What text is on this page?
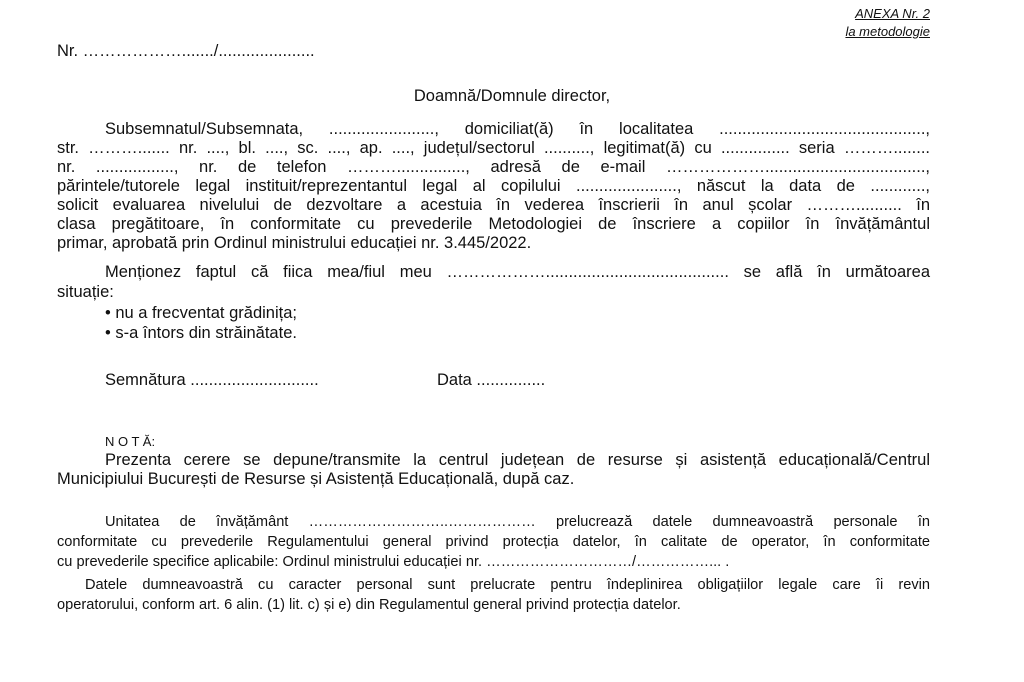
ANEXA Nr. 2
la metodologie
Nr. ………………......./.....................
Doamnă/Domnule director,
Subsemnatul/Subsemnata, ......................., domiciliat(ă) în localitatea .............................................,
str. ………....... nr. ...., bl. ...., sc. ...., ap. ...., județul/sectorul .........., legitimat(ă) cu ............... seria ………........
nr. ................., nr. de telefon ………..............., adresă de e-mail ………………...................................,
părintele/tutorele legal instituit/reprezentantul legal al copilului ......................, născut la data de ............,
solicit evaluarea nivelului de dezvoltare a acestuia în vederea înscrierii în anul școlar ……….......... în
clasa pregătitoare, în conformitate cu prevederile Metodologiei de înscriere a copiilor în învățământul
primar, aprobată prin Ordinul ministrului educației nr. 3.445/2022.
Menționez faptul că fiica mea/fiul meu ………………........................................ se află în următoarea
situație:
• nu a frecventat grădinița;
• s-a întors din străinătate.
Semnătura ............................	Data ...............
N O T Ă:
Prezenta cerere se depune/transmite la centrul județean de resurse și asistență educațională/Centrul
Municipiului București de Resurse și Asistență Educațională, după caz.
Unitatea de învățământ ………………………..……………… prelucrează datele dumneavoastră personale în
conformitate cu prevederile Regulamentului general privind protecția datelor, în calitate de operator, în conformitate
cu prevederile specifice aplicabile: Ordinul ministrului educației nr. …………………………/……………... .
Datele dumneavoastră cu caracter personal sunt prelucrate pentru îndeplinirea obligațiilor legale care îi revin
operatorului, conform art. 6 alin. (1) lit. c) și e) din Regulamentul general privind protecția datelor.
